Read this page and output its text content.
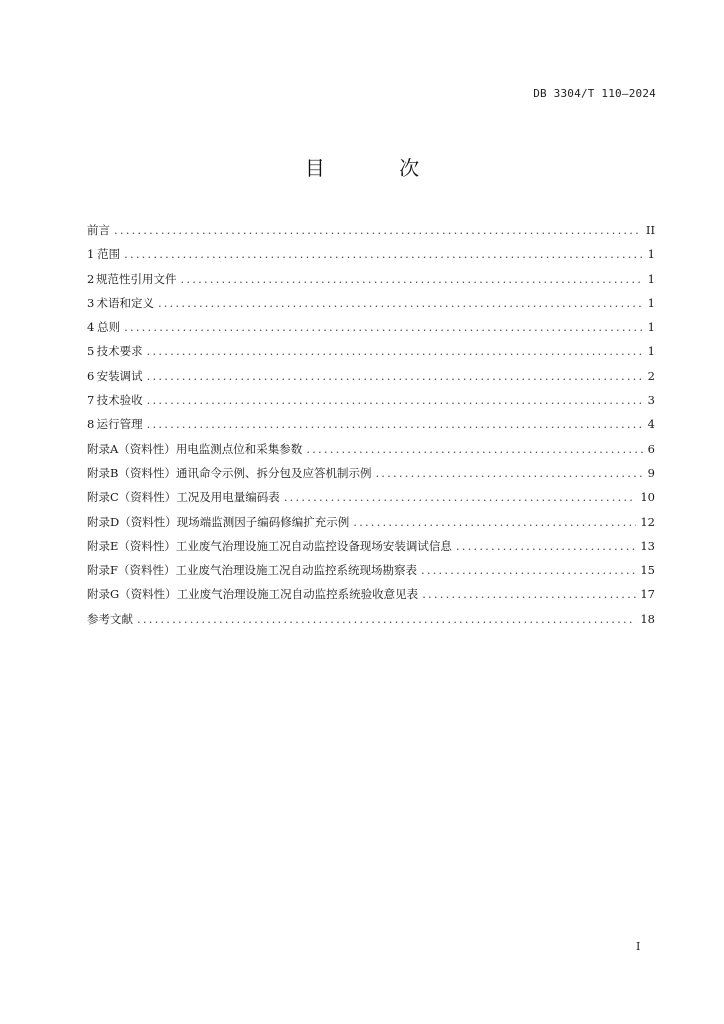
DB 3304/T 110—2024
目 次
前言 .....	II
1 范围 .....	1
2 规范性引用文件 .....	1
3 术语和定义 .....	1
4 总则 .....	1
5 技术要求 .....	1
6 安装调试 .....	2
7 技术验收 .....	3
8 运行管理 .....	4
附录A（资料性） 用电监测点位和采集参数 .....	6
附录B（资料性） 通讯命令示例、拆分包及应答机制示例 .....	9
附录C（资料性） 工况及用电量编码表 .....	10
附录D（资料性） 现场端监测因子编码修编扩充示例 .....	12
附录E（资料性） 工业废气治理设施工况自动监控设备现场安装调试信息 .....	13
附录F（资料性） 工业废气治理设施工况自动监控系统现场勘察表 .....	15
附录G（资料性） 工业废气治理设施工况自动监控系统验收意见表 .....	17
参考文献 .....	18
I
